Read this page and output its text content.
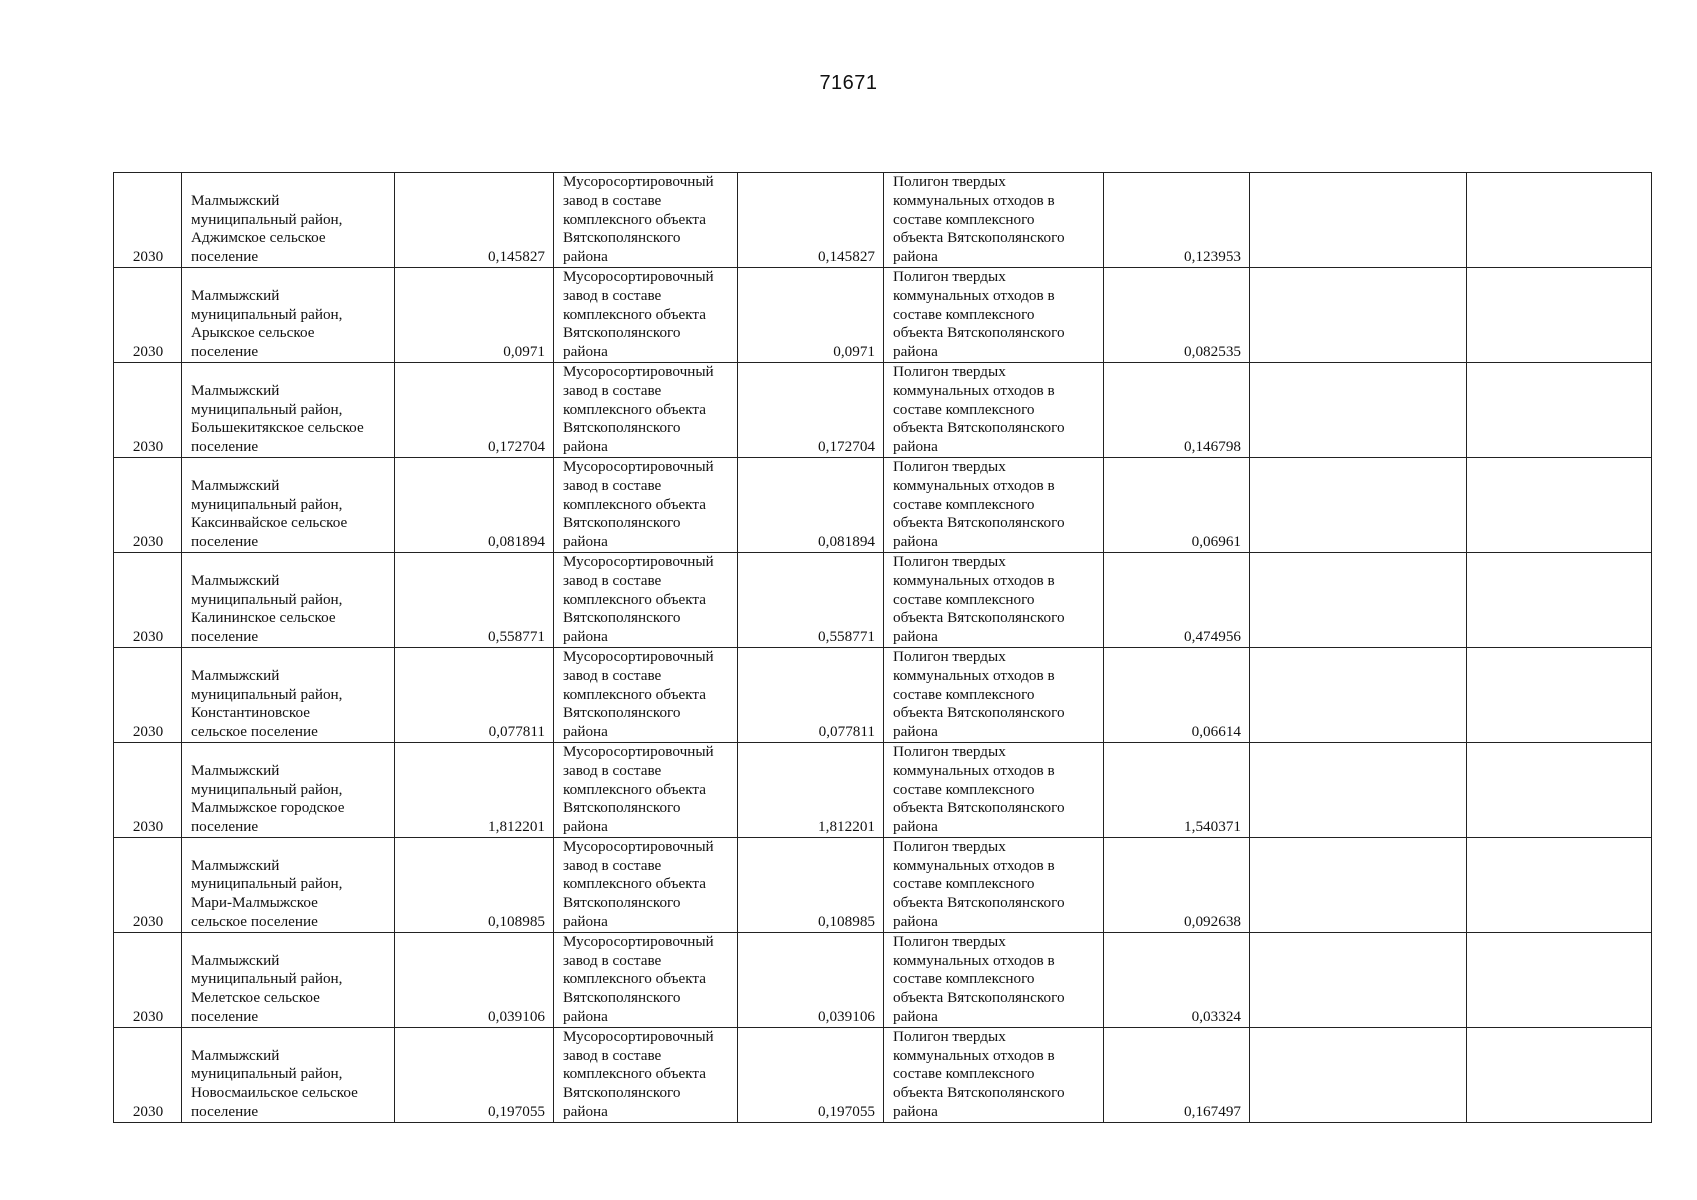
71671
2030	Малмыжский
муниципальный район,
Аджимское сельское
поселение	0,145827	Мусоросортировочный
завод в составе
комплексного объекта
Вятскополянского
района	0,145827	Полигон твердых
коммунальных отходов в
составе комплексного
объекта Вятскополянского
района	0,123953		
2030	Малмыжский
муниципальный район,
Арыкское сельское
поселение	0,0971	Мусоросортировочный
завод в составе
комплексного объекта
Вятскополянского
района	0,0971	Полигон твердых
коммунальных отходов в
составе комплексного
объекта Вятскополянского
района	0,082535		
2030	Малмыжский
муниципальный район,
Большекитякское сельское
поселение	0,172704	Мусоросортировочный
завод в составе
комплексного объекта
Вятскополянского
района	0,172704	Полигон твердых
коммунальных отходов в
составе комплексного
объекта Вятскополянского
района	0,146798		
2030	Малмыжский
муниципальный район,
Каксинвайское сельское
поселение	0,081894	Мусоросортировочный
завод в составе
комплексного объекта
Вятскополянского
района	0,081894	Полигон твердых
коммунальных отходов в
составе комплексного
объекта Вятскополянского
района	0,06961		
2030	Малмыжский
муниципальный район,
Калининское сельское
поселение	0,558771	Мусоросортировочный
завод в составе
комплексного объекта
Вятскополянского
района	0,558771	Полигон твердых
коммунальных отходов в
составе комплексного
объекта Вятскополянского
района	0,474956		
2030	Малмыжский
муниципальный район,
Константиновское
сельское поселение	0,077811	Мусоросортировочный
завод в составе
комплексного объекта
Вятскополянского
района	0,077811	Полигон твердых
коммунальных отходов в
составе комплексного
объекта Вятскополянского
района	0,06614		
2030	Малмыжский
муниципальный район,
Малмыжское городское
поселение	1,812201	Мусоросортировочный
завод в составе
комплексного объекта
Вятскополянского
района	1,812201	Полигон твердых
коммунальных отходов в
составе комплексного
объекта Вятскополянского
района	1,540371		
2030	Малмыжский
муниципальный район,
Мари-Малмыжское
сельское поселение	0,108985	Мусоросортировочный
завод в составе
комплексного объекта
Вятскополянского
района	0,108985	Полигон твердых
коммунальных отходов в
составе комплексного
объекта Вятскополянского
района	0,092638		
2030	Малмыжский
муниципальный район,
Мелетское сельское
поселение	0,039106	Мусоросортировочный
завод в составе
комплексного объекта
Вятскополянского
района	0,039106	Полигон твердых
коммунальных отходов в
составе комплексного
объекта Вятскополянского
района	0,03324		
2030	Малмыжский
муниципальный район,
Новосмаильское сельское
поселение	0,197055	Мусоросортировочный
завод в составе
комплексного объекта
Вятскополянского
района	0,197055	Полигон твердых
коммунальных отходов в
составе комплексного
объекта Вятскополянского
района	0,167497		
